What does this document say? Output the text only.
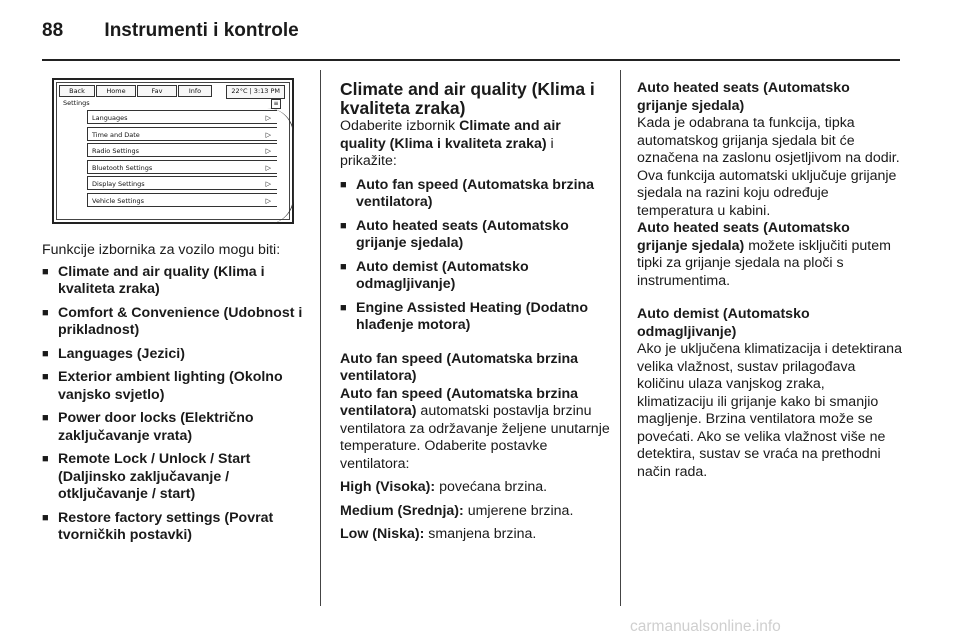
88 Instrumenti i kontrole
Back	Home	Fav	Info	22°C | 3:13 PM
Settings	≡
Languages	▷
Time and Date	▷
Radio Settings	▷
Bluetooth Settings	▷
Display Settings	▷
Vehicle Settings	▷

Funkcije izbornika za vozilo mogu biti:

■ Climate and air quality (Klima i kvaliteta zraka)
■ Comfort & Convenience (Udobnost i prikladnost)
■ Languages (Jezici)
■ Exterior ambient lighting (Okolno vanjsko svjetlo)
■ Power door locks (Električno zaključavanje vrata)
■ Remote Lock / Unlock / Start (Daljinsko zaključavanje / otključavanje / start)
■ Restore factory settings (Povrat tvorničkih postavki)

Climate and air quality (Klima i kvaliteta zraka)

Odaberite izbornik Climate and air quality (Klima i kvaliteta zraka) i prikažite:

■ Auto fan speed (Automatska brzina ventilatora)
■ Auto heated seats (Automatsko grijanje sjedala)
■ Auto demist (Automatsko odmagljivanje)
■ Engine Assisted Heating (Dodatno hlađenje motora)

Auto fan speed (Automatska brzina ventilatora)

Auto fan speed (Automatska brzina ventilatora) automatski postavlja brzinu ventilatora za održavanje željene unutarnje temperature. Odaberite postavke ventilatora:

High (Visoka): povećana brzina.

Medium (Srednja): umjerene brzina.

Low (Niska): smanjena brzina.

Auto heated seats (Automatsko grijanje sjedala)

Kada je odabrana ta funkcija, tipka automatskog grijanja sjedala bit će označena na zaslonu osjetljivom na dodir. Ova funkcija automatski uključuje grijanje sjedala na razini koju određuje temperatura u kabini.

Auto heated seats (Automatsko grijanje sjedala) možete isključiti putem tipki za grijanje sjedala na ploči s instrumentima.

Auto demist (Automatsko odmagljivanje)

Ako je uključena klimatizacija i detektirana velika vlažnost, sustav prilagođava količinu ulaza vanjskog zraka, klimatizaciju ili grijanje kako bi smanjio magljenje. Brzina ventilatora može se povećati. Ako se velika vlažnost više ne detektira, sustav se vraća na prethodni način rada.

carmanualsonline.info
